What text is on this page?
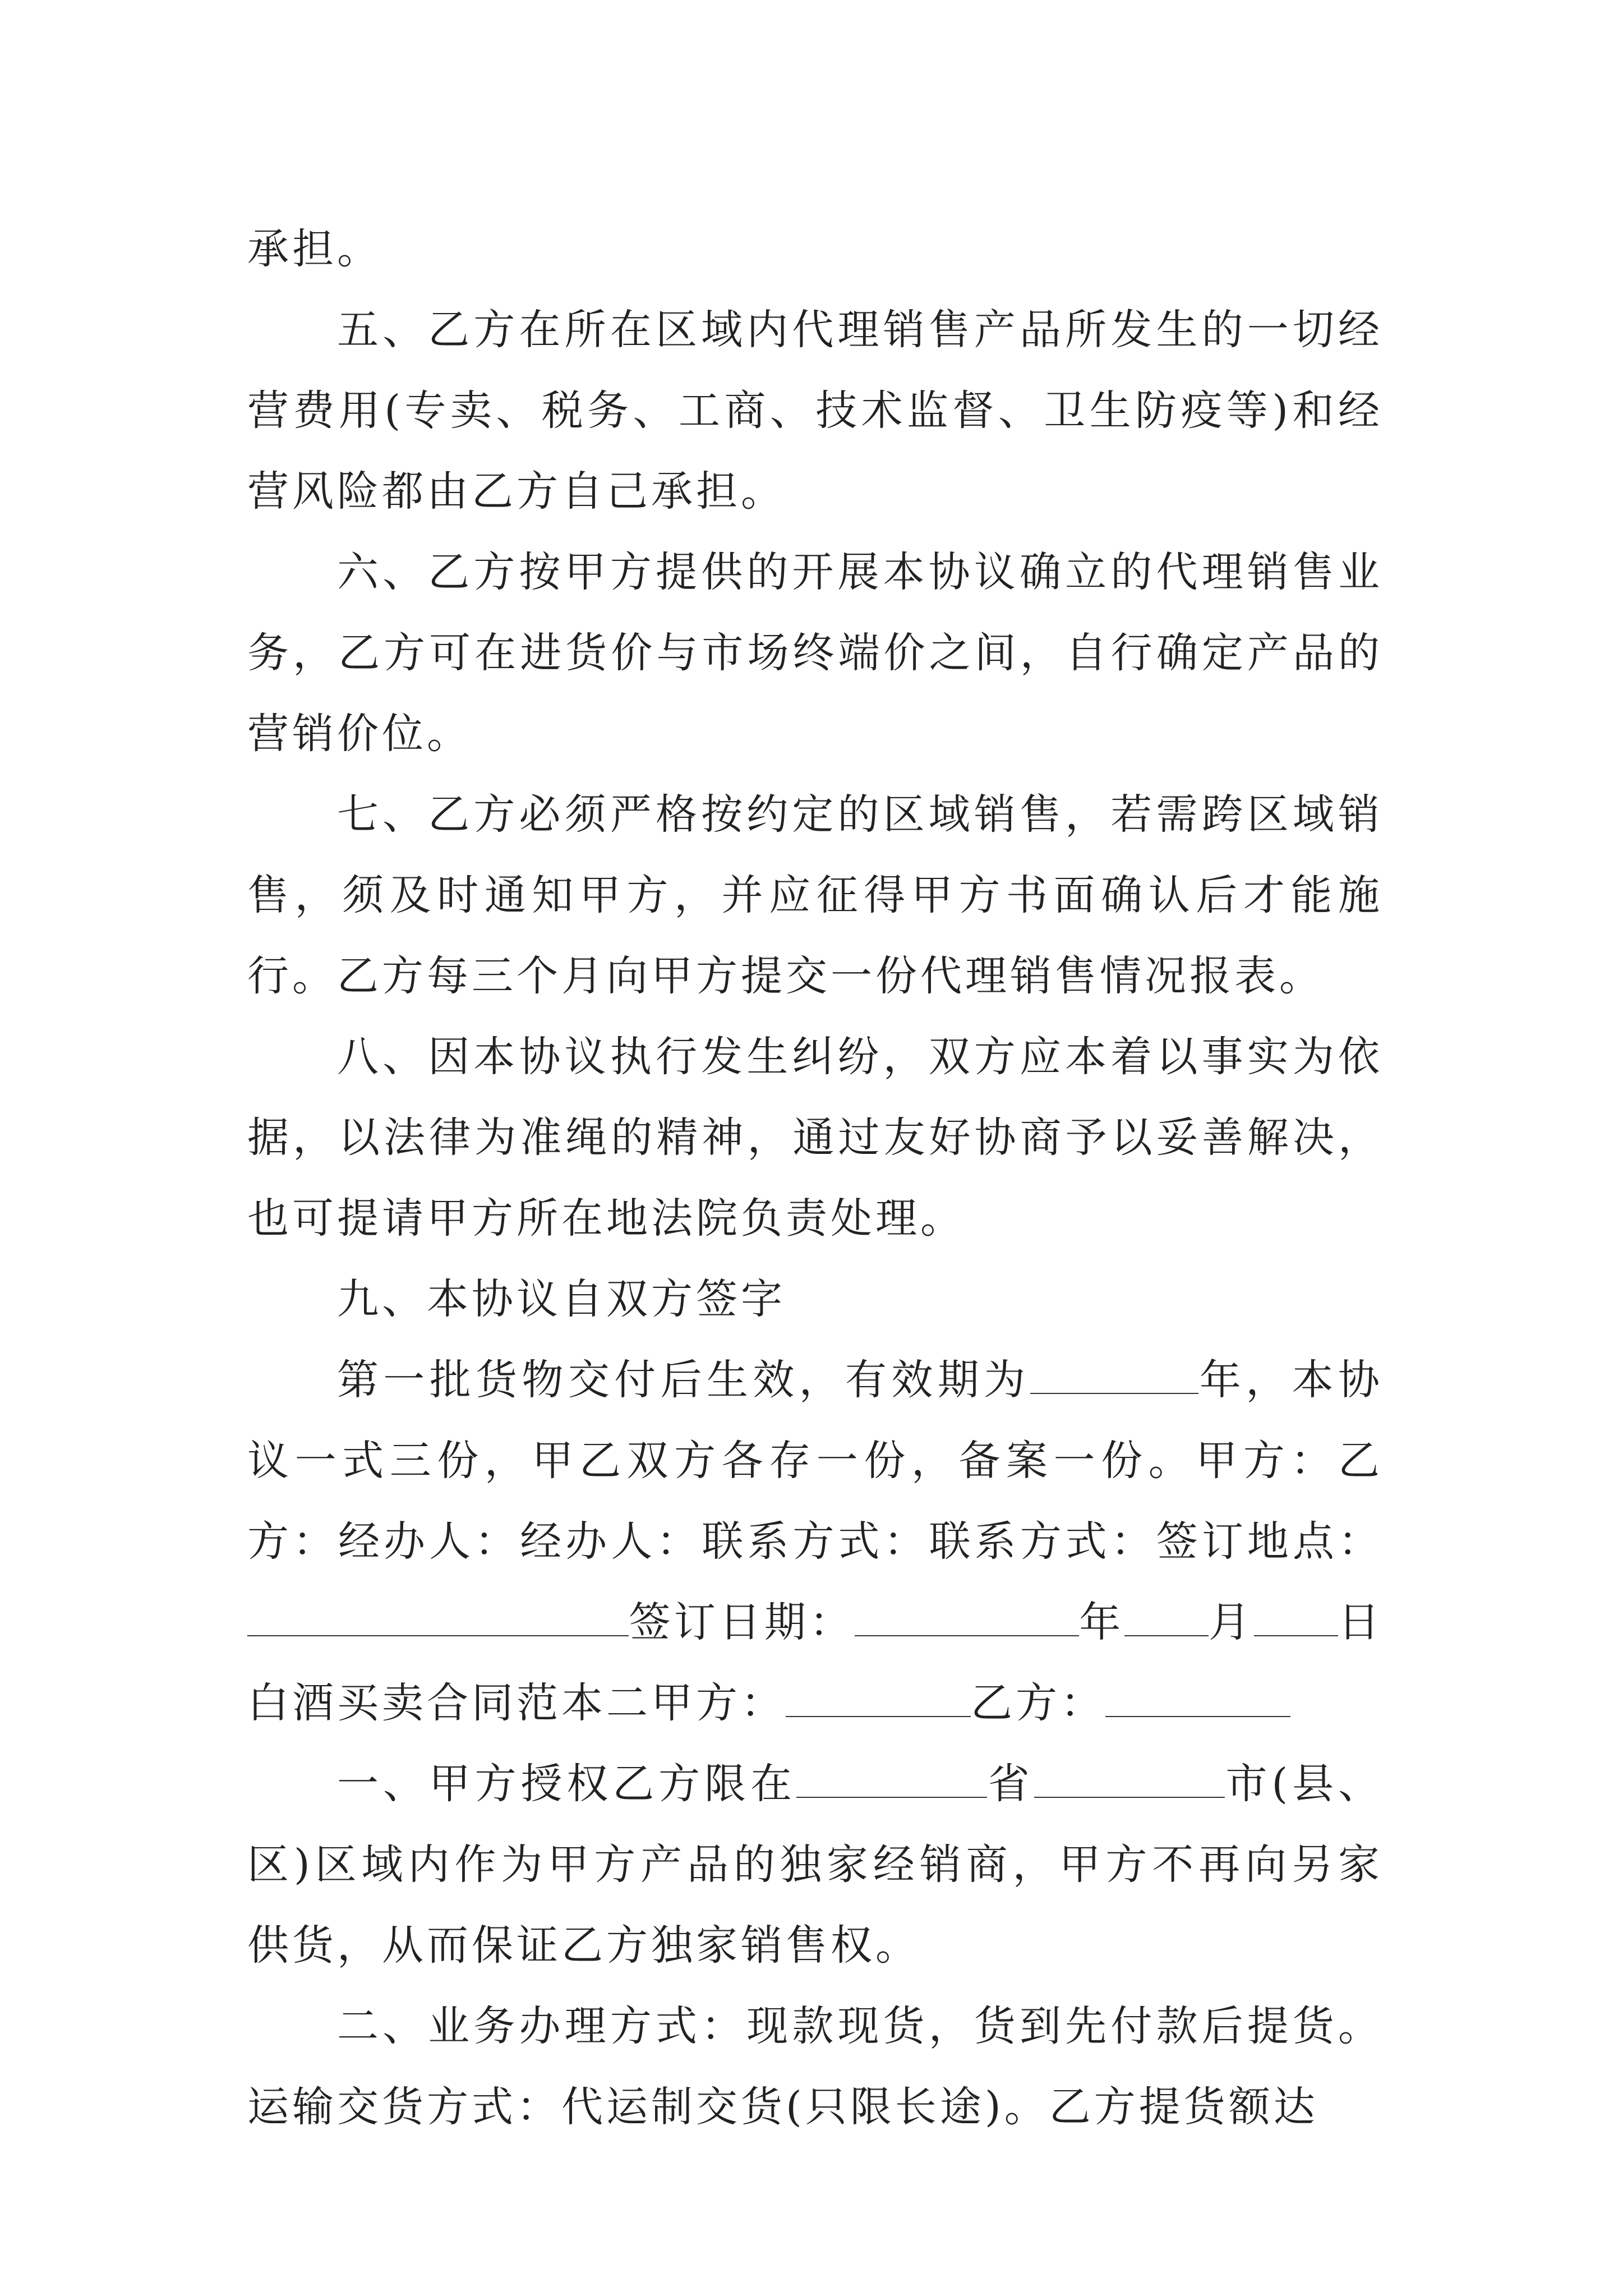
承担。

五、乙方在所在区域内代理销售产品所发生的一切经营费用(专卖、税务、工商、技术监督、卫生防疫等)和经营风险都由乙方自己承担。

六、乙方按甲方提供的开展本协议确立的代理销售业务，乙方可在进货价与市场终端价之间，自行确定产品的营销价位。

七、乙方必须严格按约定的区域销售，若需跨区域销售，须及时通知甲方，并应征得甲方书面确认后才能施行。乙方每三个月向甲方提交一份代理销售情况报表。

八、因本协议执行发生纠纷，双方应本着以事实为依据，以法律为准绳的精神，通过友好协商予以妥善解决，也可提请甲方所在地法院负责处理。

九、本协议自双方签字

第一批货物交付后生效，有效期为	年，本协议一式三份，甲乙双方各存一份，备案一份。甲方：乙方：经办人：经办人：联系方式：联系方式：签订地点：签订日期：	年 月 日白酒买卖合同范本二甲方：	乙方：

一、甲方授权乙方限在	省	市(县、区)区域内作为甲方产品的独家经销商，甲方不再向另家供货，从而保证乙方独家销售权。

二、业务办理方式：现款现货，货到先付款后提货。运输交货方式：代运制交货(只限长途)。乙方提货额达
